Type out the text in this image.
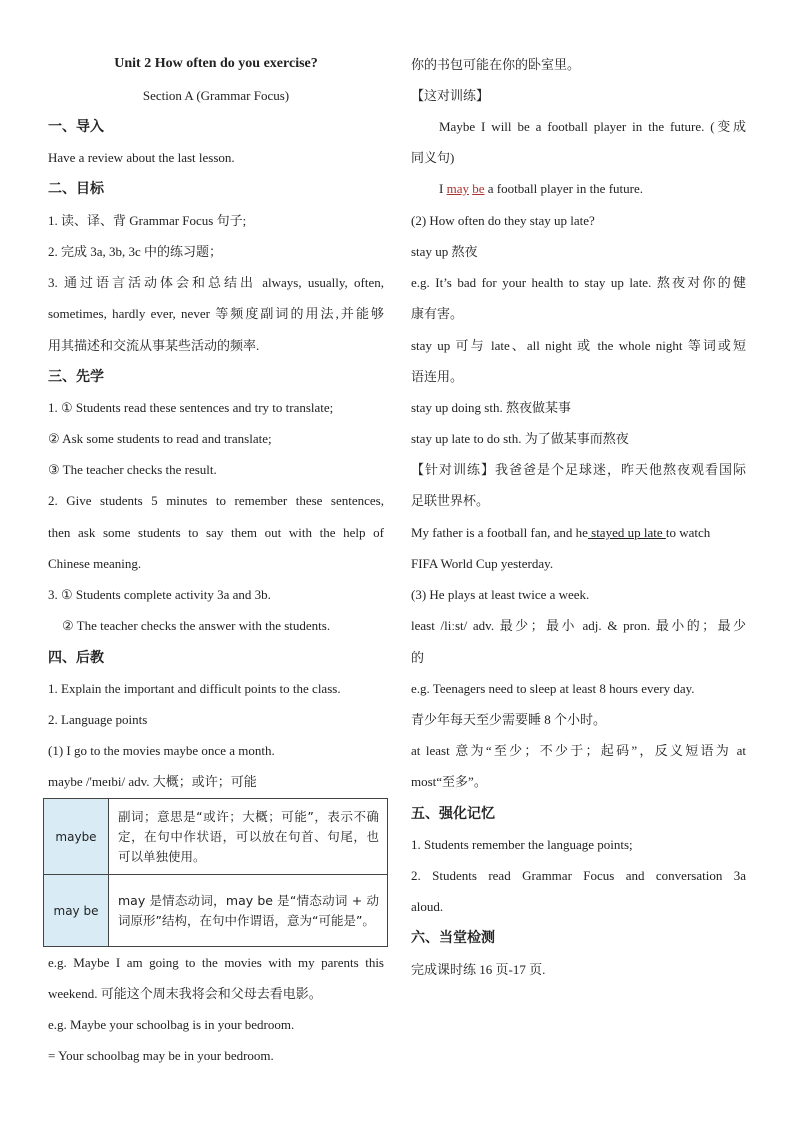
Unit 2 How often do you exercise?
Section A (Grammar Focus)
一、导入
Have a review about the last lesson.
二、目标
1. 读、译、背 Grammar Focus 句子;
2. 完成 3a, 3b, 3c 中的练习题；
3. 通过语言活动体会和总结出 always, usually, often,
sometimes, hardly ever, never 等频度副词的用法,并能够
用其描述和交流从事某些活动的频率.
三、先学
1. ① Students read these sentences and try to translate;
② Ask some students to read and translate;
③ The teacher checks the result.
2. Give students 5 minutes to remember these sentences,
then ask some students to say them out with the help of
Chinese meaning.
3. ① Students complete activity 3a and 3b.
② The teacher checks the answer with the students.
四、后教
1. Explain the important and difficult points to the class.
2. Language points
(1) I go to the movies maybe once a month.
maybe /'meɪbi/ adv. 大概；或许；可能
maybe	副词；意思是“或许；大概；可能”，表示不确定，在句中作状语，可以放在句首、句尾，也可以单独使用。
may be	may 是情态动词，may be 是“情态动词 + 动词原形”结构，在句中作谓语，意为“可能是”。
e.g. Maybe I am going to the movies with my parents this
weekend. 可能这个周末我将会和父母去看电影。
e.g. Maybe your schoolbag is in your bedroom.
= Your schoolbag may be in your bedroom.
你的书包可能在你的卧室里。
【这对训练】
Maybe I will be a football player in the future. (变成
同义句)
I may be a football player in the future.
(2) How often do they stay up late?
stay up 熬夜
e.g. It’s bad for your health to stay up late. 熬夜对你的健
康有害。
stay up 可与 late、all night 或 the whole night 等词或短
语连用。
stay up doing sth. 熬夜做某事
stay up late to do sth. 为了做某事而熬夜
【针对训练】我爸爸是个足球迷，昨天他熬夜观看国际
足联世界杯。
My father is a football fan, and he stayed up late to watch
FIFA World Cup yesterday.
(3) He plays at least twice a week.
least /liːst/ adv. 最少；最小 adj. & pron. 最小的；最少
的
e.g. Teenagers need to sleep at least 8 hours every day.
青少年每天至少需要睡 8 个小时。
at least 意为“至少；不少于；起码”，反义短语为 at
most“至多”。
五、强化记忆
1. Students remember the language points;
2. Students read Grammar Focus and conversation 3a
aloud.
六、当堂检测
完成课时练 16 页-17 页.
